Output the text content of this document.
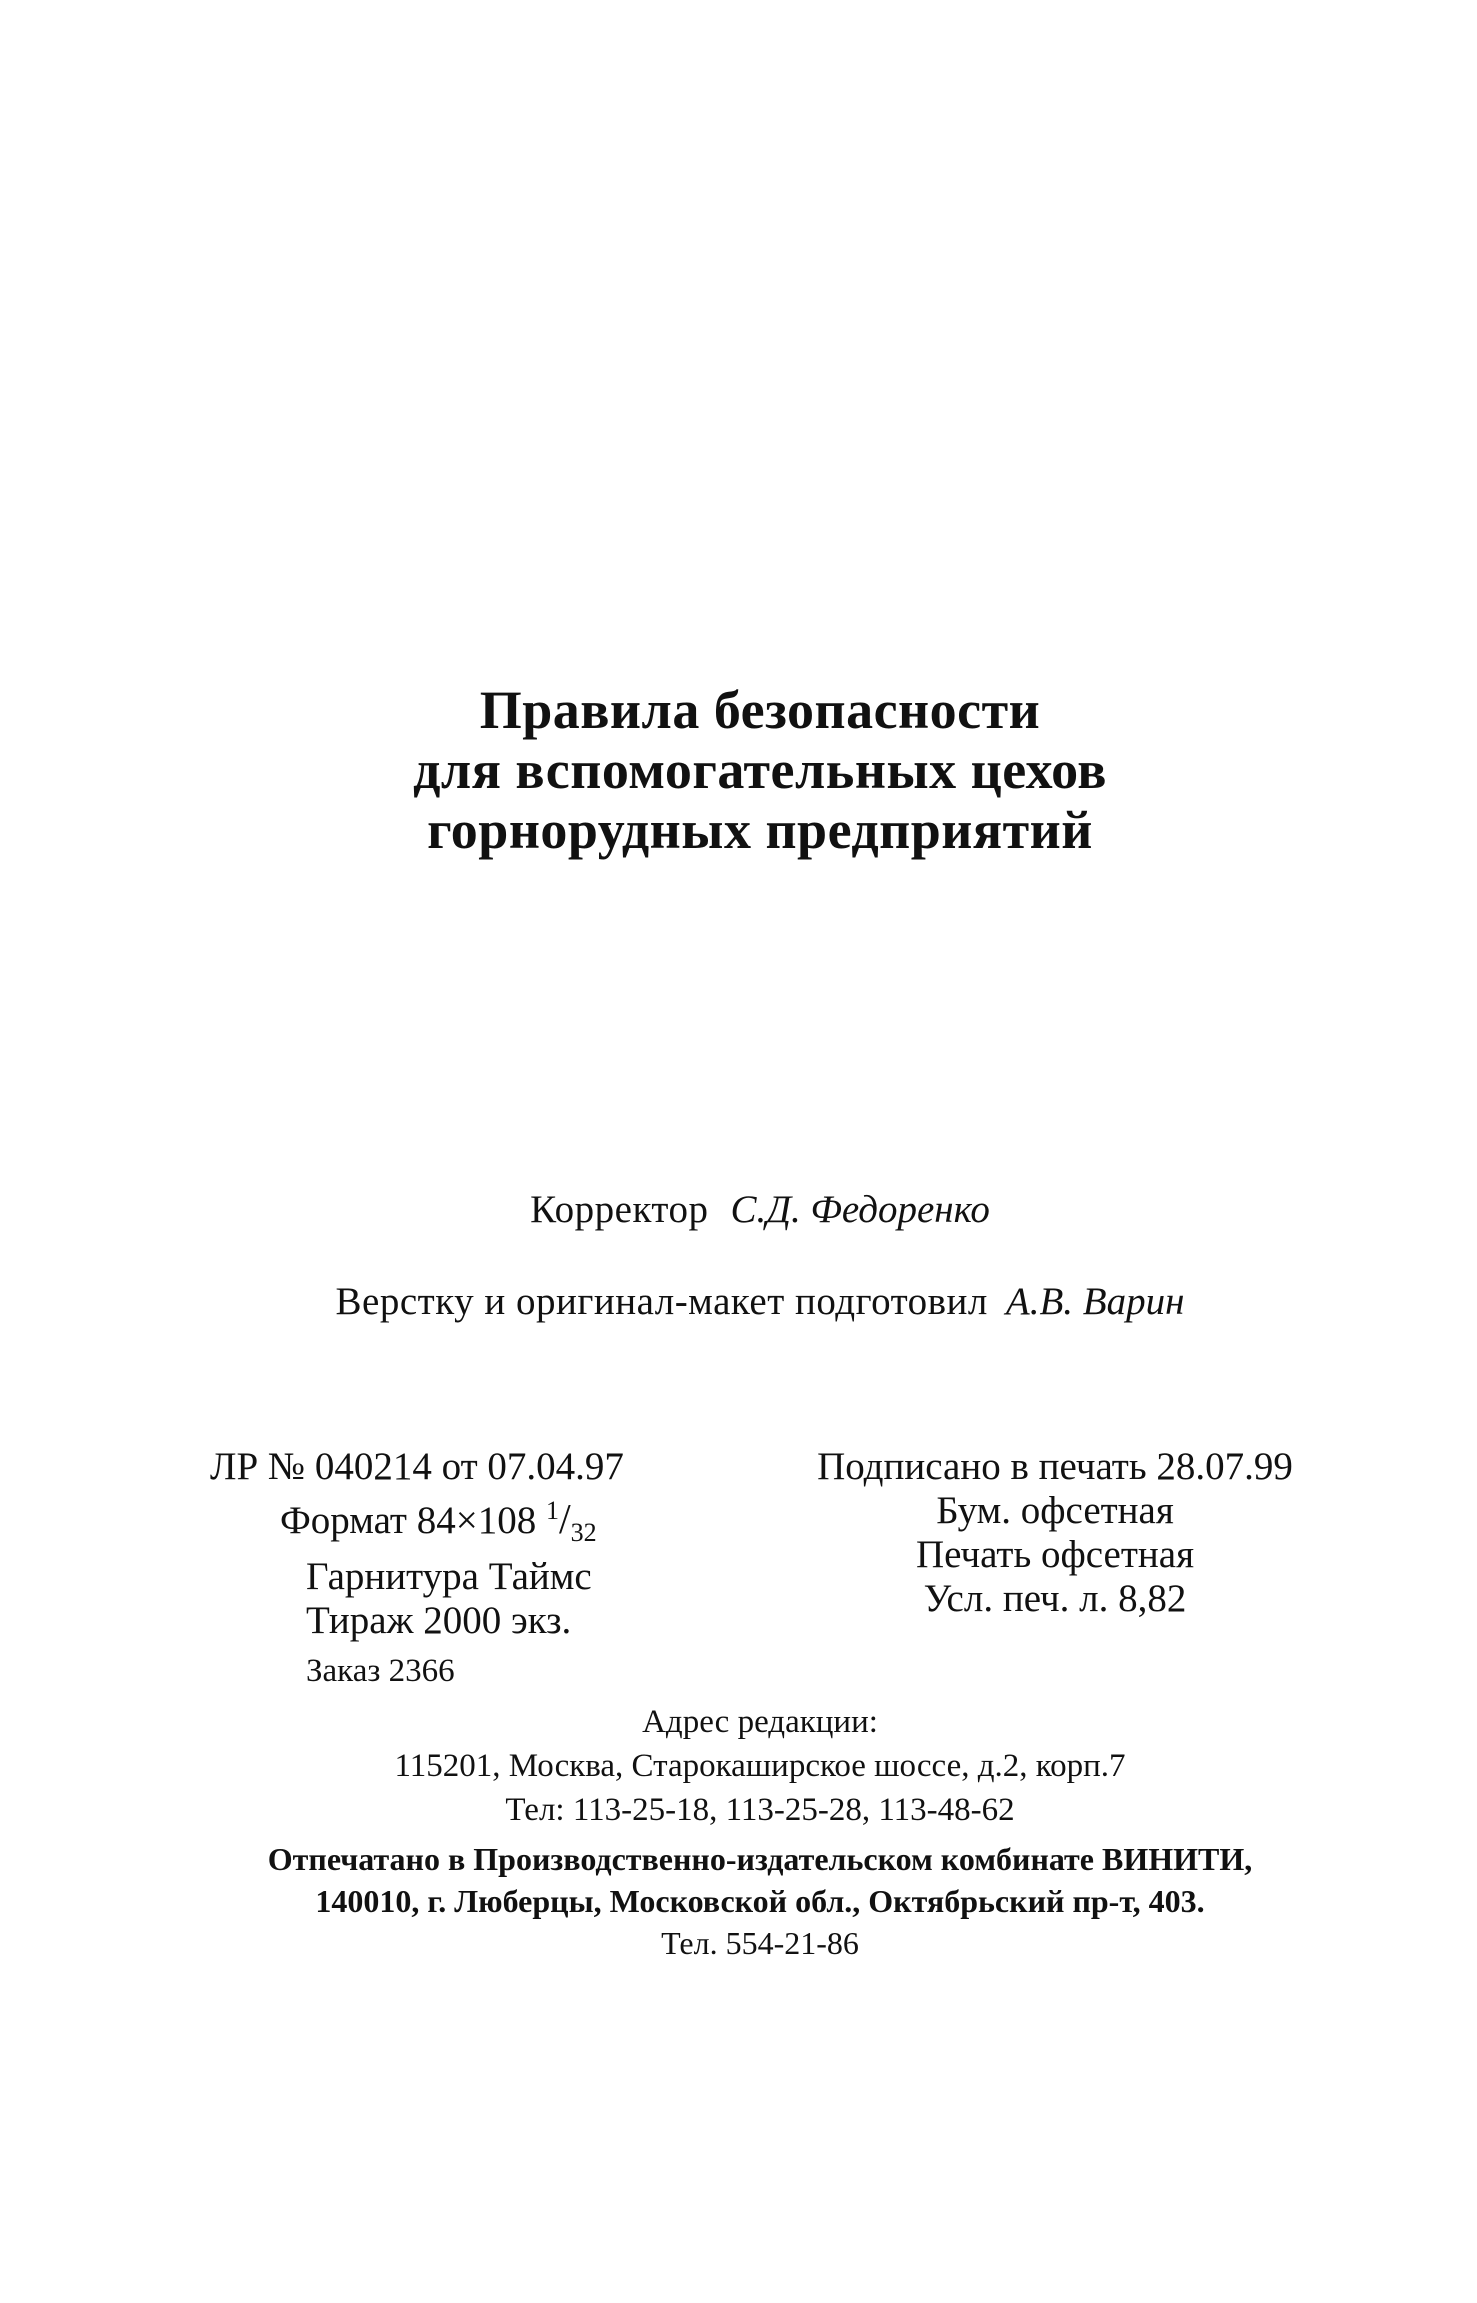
Правила безопасности
для вспомогательных цехов
горнорудных предприятий
Корректор С.Д. Федоренко
Верстку и оригинал-макет подготовил А.В. Варин
ЛР № 040214 от 07.04.97
Формат 84×108 $^1/_{32}$
Гарнитура Таймс
Тираж 2000 экз.
Заказ 2366
Подписано в печать 28.07.99
Бум. офсетная
Печать офсетная
Усл. печ. л. 8,82
Адрес редакции:
115201, Москва, Старокаширское шоссе, д.2, корп.7
Тел: 113-25-18, 113-25-28, 113-48-62
Отпечатано в Производственно-издательском комбинате ВИНИТИ,
140010, г. Люберцы, Московской обл., Октябрьский пр-т, 403.
Тел. 554-21-86
